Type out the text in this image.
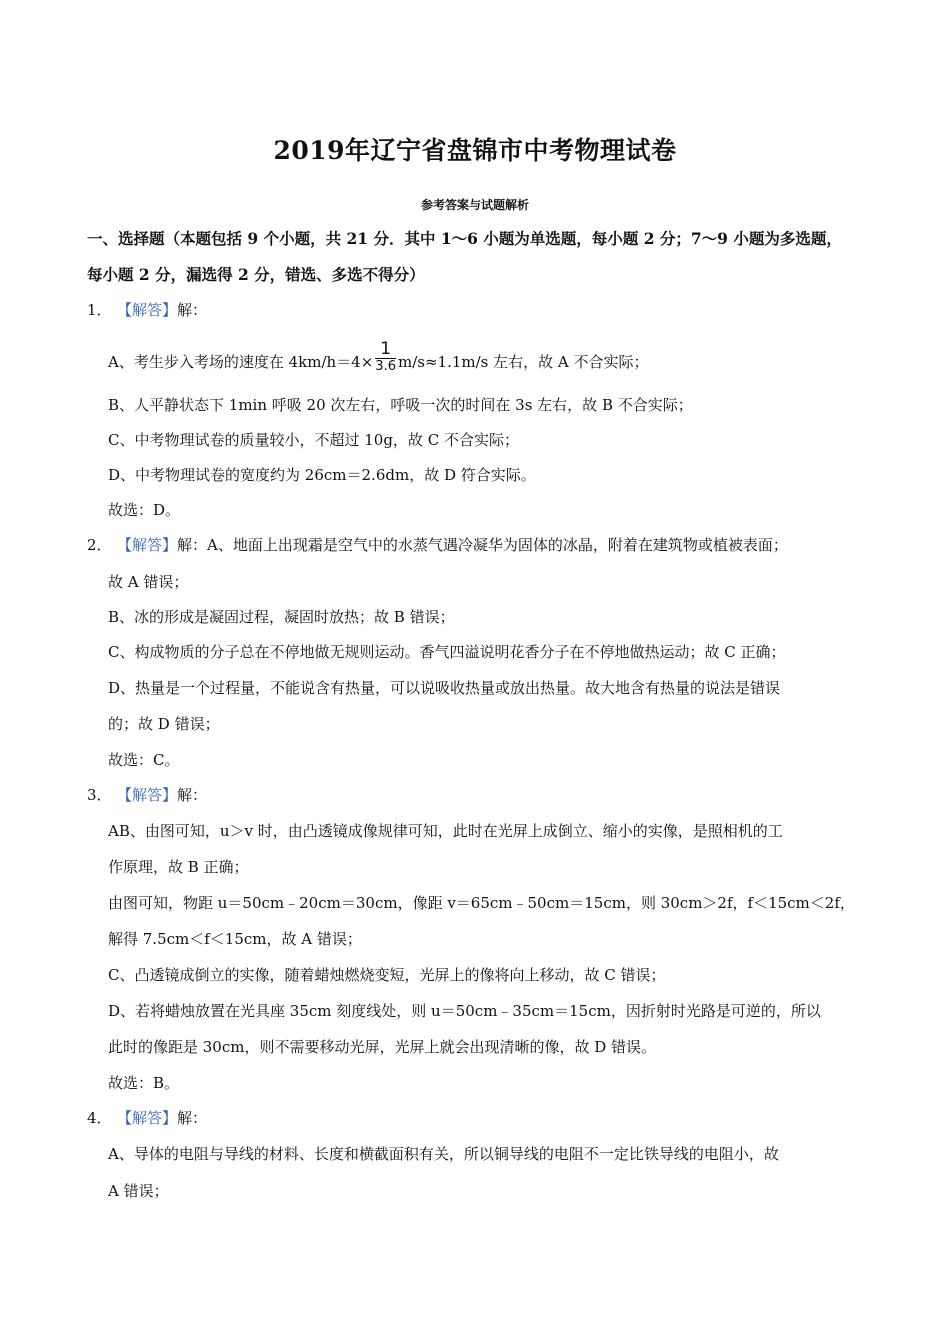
2019年辽宁省盘锦市中考物理试卷
参考答案与试题解析
一、选择题（本题包括 9 个小题，共 21 分．其中 1～6 小题为单选题，每小题 2 分；7～9 小题为多选题，
每小题 2 分，漏选得 2 分，错选、多选不得分）
1． 【解答】解：
A、考生步入考场的速度在 $4km/h=4\times \frac{1}{3.6} m/s\approx 1.1m/s$ 左右，故 A 不合实际；
B、人平静状态下 1min 呼吸 20 次左右，呼吸一次的时间在 3s 左右，故 B 不合实际；
C、中考物理试卷的质量较小，不超过 10g，故 C 不合实际；
D、中考物理试卷的宽度约为 26cm＝2.6dm，故 D 符合实际。
故选：D。
2． 【解答】解：A、地面上出现霜是空气中的水蒸气遇冷凝华为固体的冰晶，附着在建筑物或植被表面；
故 A 错误；
B、冰的形成是凝固过程，凝固时放热；故 B 错误；
C、构成物质的分子总在不停地做无规则运动。香气四溢说明花香分子在不停地做热运动；故 C 正确；
D、热量是一个过程量，不能说含有热量，可以说吸收热量或放出热量。故大地含有热量的说法是错误
的；故 D 错误；
故选：C。
3． 【解答】解：
AB、由图可知，u＞v 时，由凸透镜成像规律可知，此时在光屏上成倒立、缩小的实像，是照相机的工
作原理，故 B 正确；
由图可知，物距 u＝50cm﹣20cm＝30cm，像距 v＝65cm﹣50cm＝15cm，则 30cm＞2f，f＜15cm＜2f，
解得 7.5cm＜f＜15cm，故 A 错误；
C、凸透镜成倒立的实像，随着蜡烛燃烧变短，光屏上的像将向上移动，故 C 错误；
D、若将蜡烛放置在光具座 35cm 刻度线处，则 u＝50cm﹣35cm＝15cm，因折射时光路是可逆的，所以
此时的像距是 30cm，则不需要移动光屏，光屏上就会出现清晰的像，故 D 错误。
故选：B。
4． 【解答】解：
A、导体的电阻与导线的材料、长度和横截面积有关，所以铜导线的电阻不一定比铁导线的电阻小，故
A 错误；
